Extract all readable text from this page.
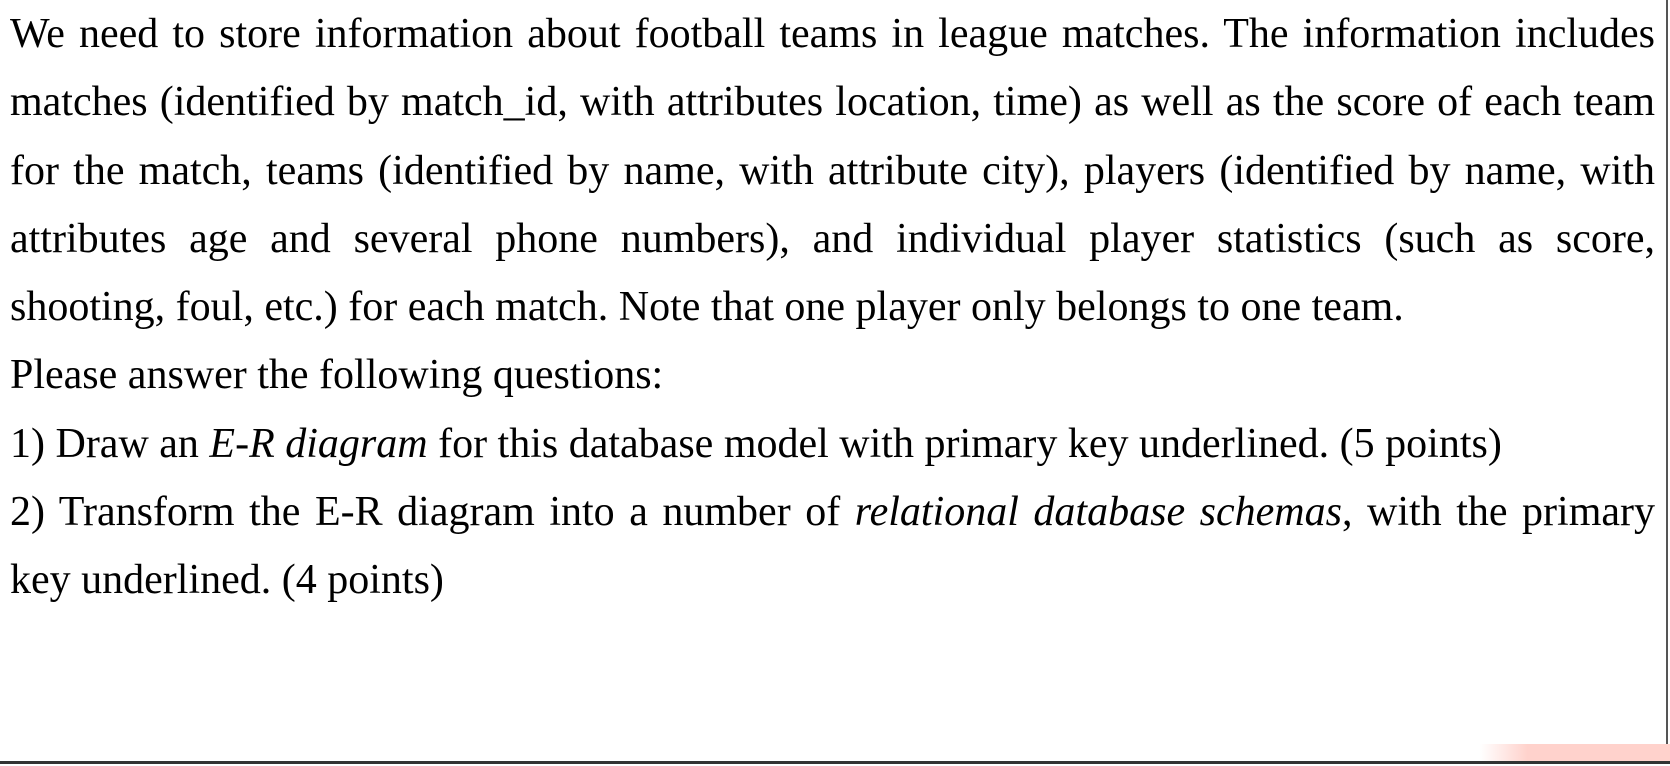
We need to store information about football teams in league matches. The information includes matches (identified by match_id, with attributes location, time) as well as the score of each team for the match, teams (identified by name, with attribute city), players (identified by name, with attributes age and several phone numbers), and individual player statistics (such as score, shooting, foul, etc.) for each match. Note that one player only belongs to one team.

Please answer the following questions:

1) Draw an E-R diagram for this database model with primary key underlined. (5 points)

2) Transform the E-R diagram into a number of relational database schemas, with the primary key underlined. (4 points)
